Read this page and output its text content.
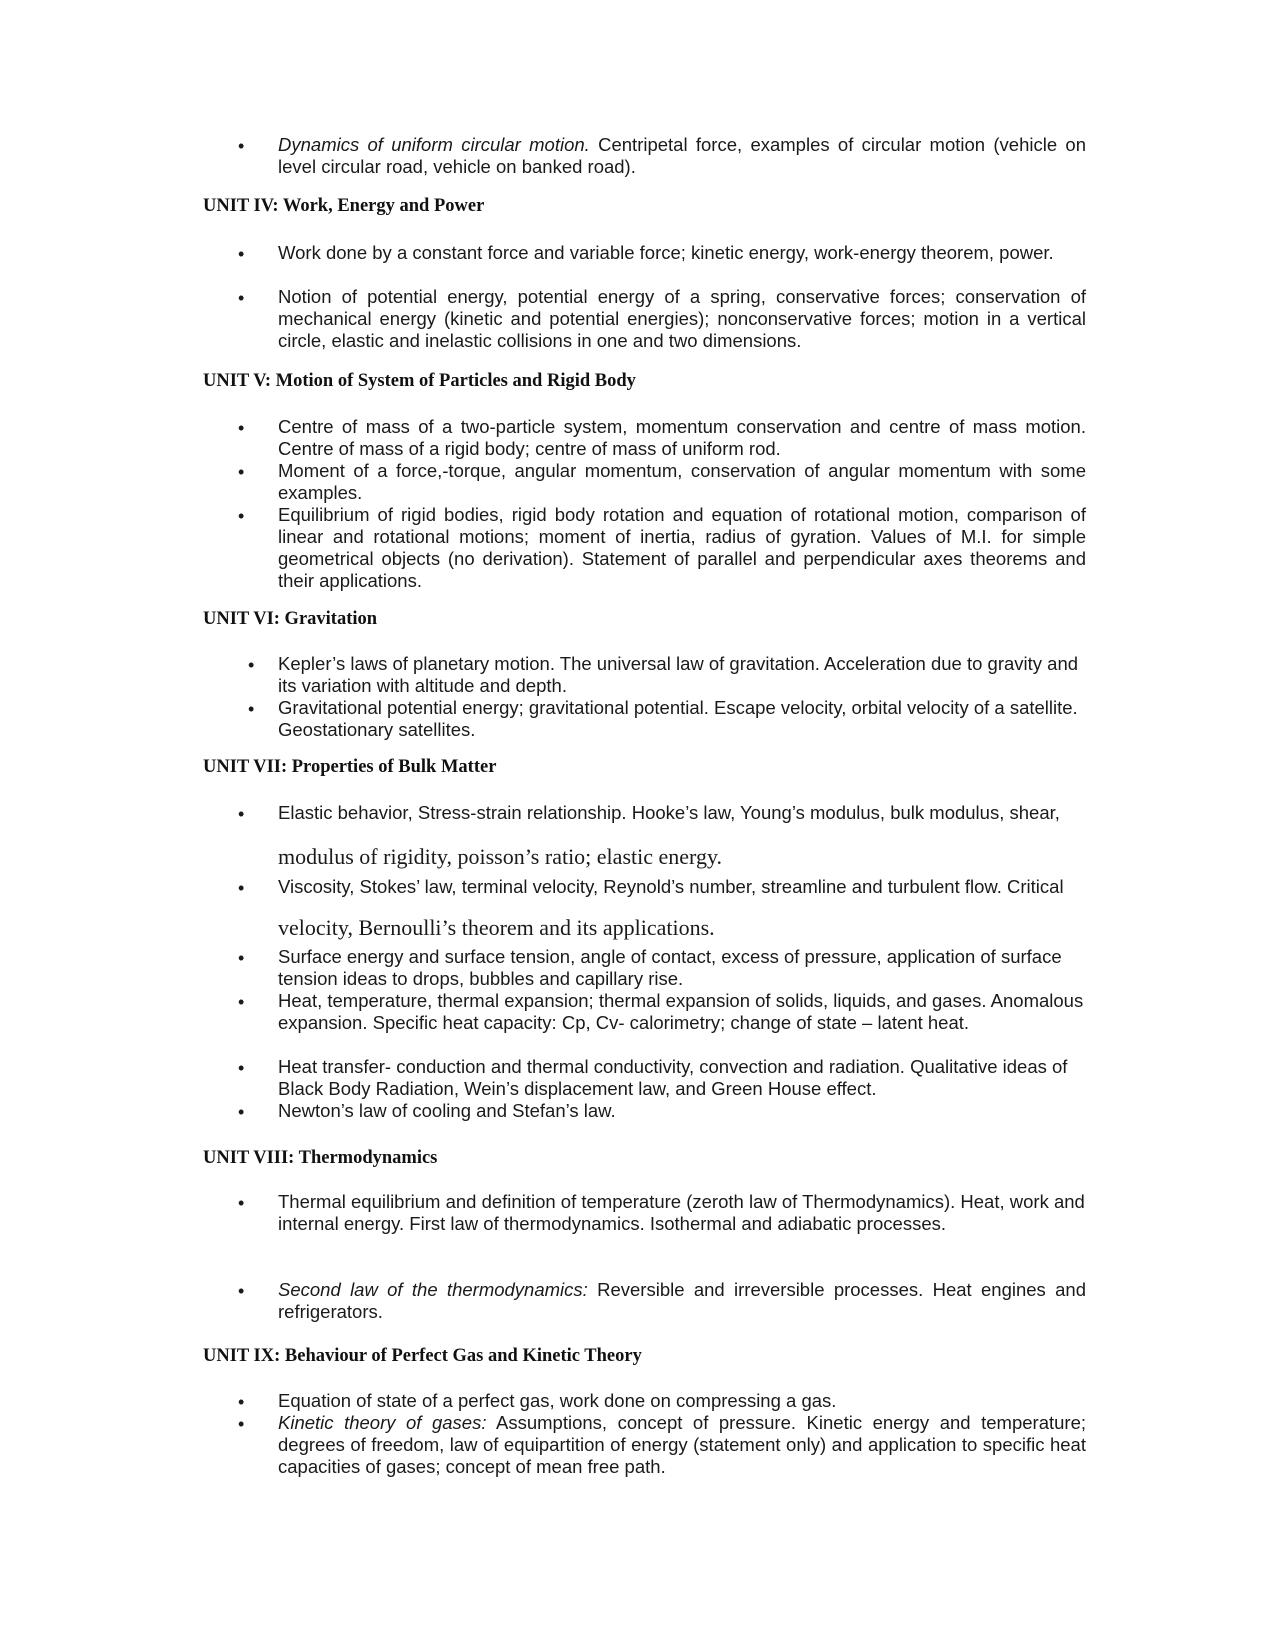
•	Dynamics of uniform circular motion. Centripetal force, examples of circular motion (vehicle on level circular road, vehicle on banked road).

UNIT IV: Work, Energy and Power
•	Work done by a constant force and variable force; kinetic energy, work-energy theorem, power.

•	Notion of potential energy, potential energy of a spring, conservative forces; conservation of mechanical energy (kinetic and potential energies); nonconservative forces; motion in a vertical circle, elastic and inelastic collisions in one and two dimensions.

UNIT V: Motion of System of Particles and Rigid Body
•	Centre of mass of a two-particle system, momentum conservation and centre of mass motion. Centre of mass of a rigid body; centre of mass of uniform rod.

•	Moment of a force,-torque, angular momentum, conservation of angular momentum with some examples.

•	Equilibrium of rigid bodies, rigid body rotation and equation of rotational motion, comparison of linear and rotational motions; moment of inertia, radius of gyration. Values of M.I. for simple geometrical objects (no derivation). Statement of parallel and perpendicular axes theorems and their applications.

UNIT VI: Gravitation
•	Kepler’s laws of planetary motion. The universal law of gravitation. Acceleration due to gravity and its variation with altitude and depth.

•	Gravitational potential energy; gravitational potential. Escape velocity, orbital velocity of a satellite. Geostationary satellites.

UNIT VII: Properties of Bulk Matter
•	Elastic behavior, Stress-strain relationship. Hooke’s law, Young’s modulus, bulk modulus, shear,

modulus of rigidity, poisson’s ratio; elastic energy.

•	Viscosity, Stokes’ law, terminal velocity, Reynold’s number, streamline and turbulent flow. Critical

velocity, Bernoulli’s theorem and its applications.

•	Surface energy and surface tension, angle of contact, excess of pressure, application of surface tension ideas to drops, bubbles and capillary rise.

•	Heat, temperature, thermal expansion; thermal expansion of solids, liquids, and gases. Anomalous expansion. Specific heat capacity: Cp, Cv- calorimetry; change of state – latent heat.

•	Heat transfer- conduction and thermal conductivity, convection and radiation. Qualitative ideas of Black Body Radiation, Wein’s displacement law, and Green House effect.

•	Newton’s law of cooling and Stefan’s law.

UNIT VIII: Thermodynamics
•	Thermal equilibrium and definition of temperature (zeroth law of Thermodynamics). Heat, work and internal energy. First law of thermodynamics. Isothermal and adiabatic processes.

•	Second law of the thermodynamics: Reversible and irreversible processes. Heat engines and refrigerators.

UNIT IX: Behaviour of Perfect Gas and Kinetic Theory
•	Equation of state of a perfect gas, work done on compressing a gas.

•	Kinetic theory of gases: Assumptions, concept of pressure. Kinetic energy and temperature; degrees of freedom, law of equipartition of energy (statement only) and application to specific heat capacities of gases; concept of mean free path.
